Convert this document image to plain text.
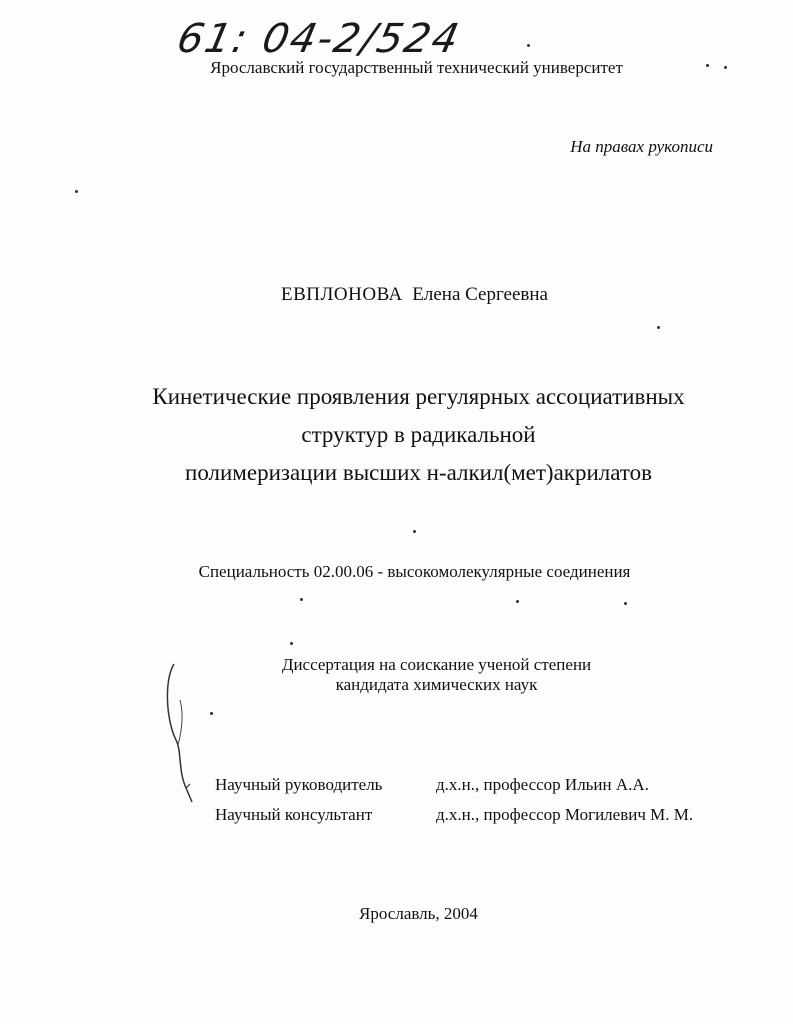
61: 04-2/524
Ярославский государственный технический университет
На правах рукописи
ЕВПЛОНОВА Елена Сергеевна
Кинетические проявления регулярных ассоциативных
структур в радикальной
полимеризации высших н-алкил(мет)акрилатов
Специальность 02.00.06 - высокомолекулярные соединения
Диссертация на соискание ученой степени
кандидата химических наук
Научный руководитель	д.х.н., профессор Ильин А.А.
Научный консультант	д.х.н., профессор Могилевич М. М.
Ярославль, 2004
